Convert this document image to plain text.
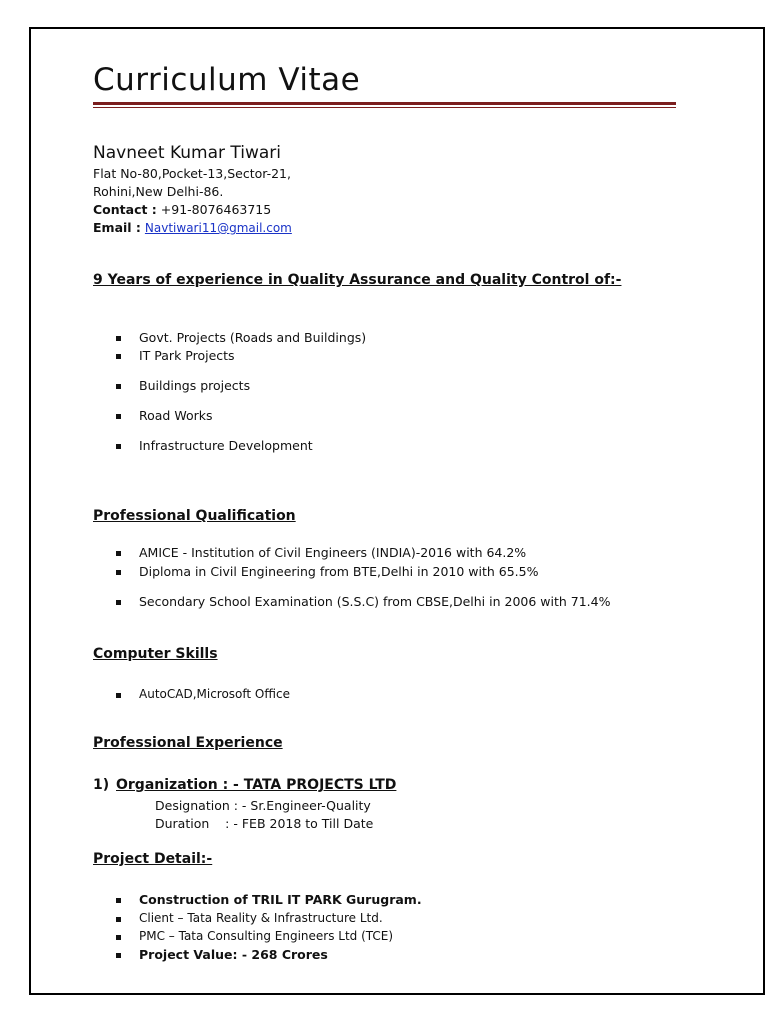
Curriculum Vitae
Navneet Kumar Tiwari
Flat No-80,Pocket-13,Sector-21,
Rohini,New Delhi-86.
Contact : +91-8076463715
Email : Navtiwari11@gmail.com
9 Years of experience in Quality Assurance and Quality Control of:-
Govt. Projects (Roads and Buildings)
IT Park Projects
Buildings projects
Road Works
Infrastructure Development
Professional Qualification
AMICE - Institution of Civil Engineers (INDIA)-2016 with 64.2%
Diploma in Civil Engineering from BTE,Delhi in 2010 with 65.5%
Secondary School Examination (S.S.C) from CBSE,Delhi in 2006 with 71.4%
Computer Skills
AutoCAD,Microsoft Office
Professional Experience
1) Organization : - TATA PROJECTS LTD
Designation : - Sr.Engineer-Quality
Duration    : - FEB 2018 to Till Date
Project Detail:-
Construction of TRIL IT PARK Gurugram.
Client – Tata Reality & Infrastructure Ltd.
PMC – Tata Consulting Engineers Ltd (TCE)
Project Value: - 268 Crores
